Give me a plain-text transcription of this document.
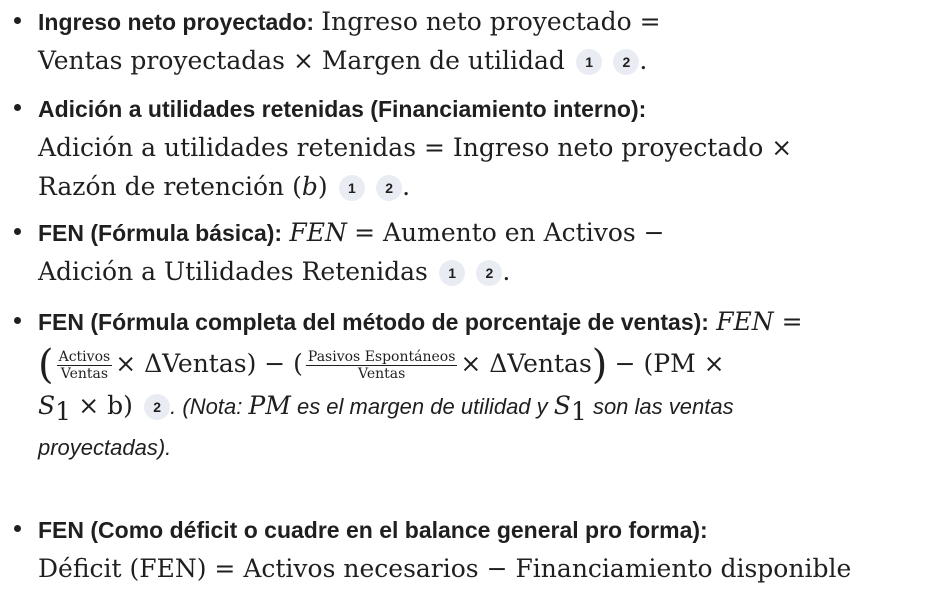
Ingreso neto proyectado: Ingreso neto proyectado =
Ventas proyectadas × Margen de utilidad 1 2 .
Adición a utilidades retenidas (Financiamiento interno):
Adición a utilidades retenidas = Ingreso neto proyectado ×
Razón de retención (b) 1 2 .
FEN (Fórmula básica): FEN = Aumento en Activos −
Adición a Utilidades Retenidas 1 2 .
FEN (Fórmula completa del método de porcentaje de ventas): FEN =
( $\frac{\text{Activos}}{\text{Ventas}}$ × ΔVentas) − ( $\frac{\text{Pasivos Espontáneos}}{\text{Ventas}}$ × ΔVentas) − (PM ×
$S_1 \times b$) 2 . (Nota: PM es el margen de utilidad y $S_1$ son las ventas
proyectadas).
FEN (Como déficit o cuadre en el balance general pro forma):
Déficit (FEN) = Activos necesarios − Financiamiento disponible
